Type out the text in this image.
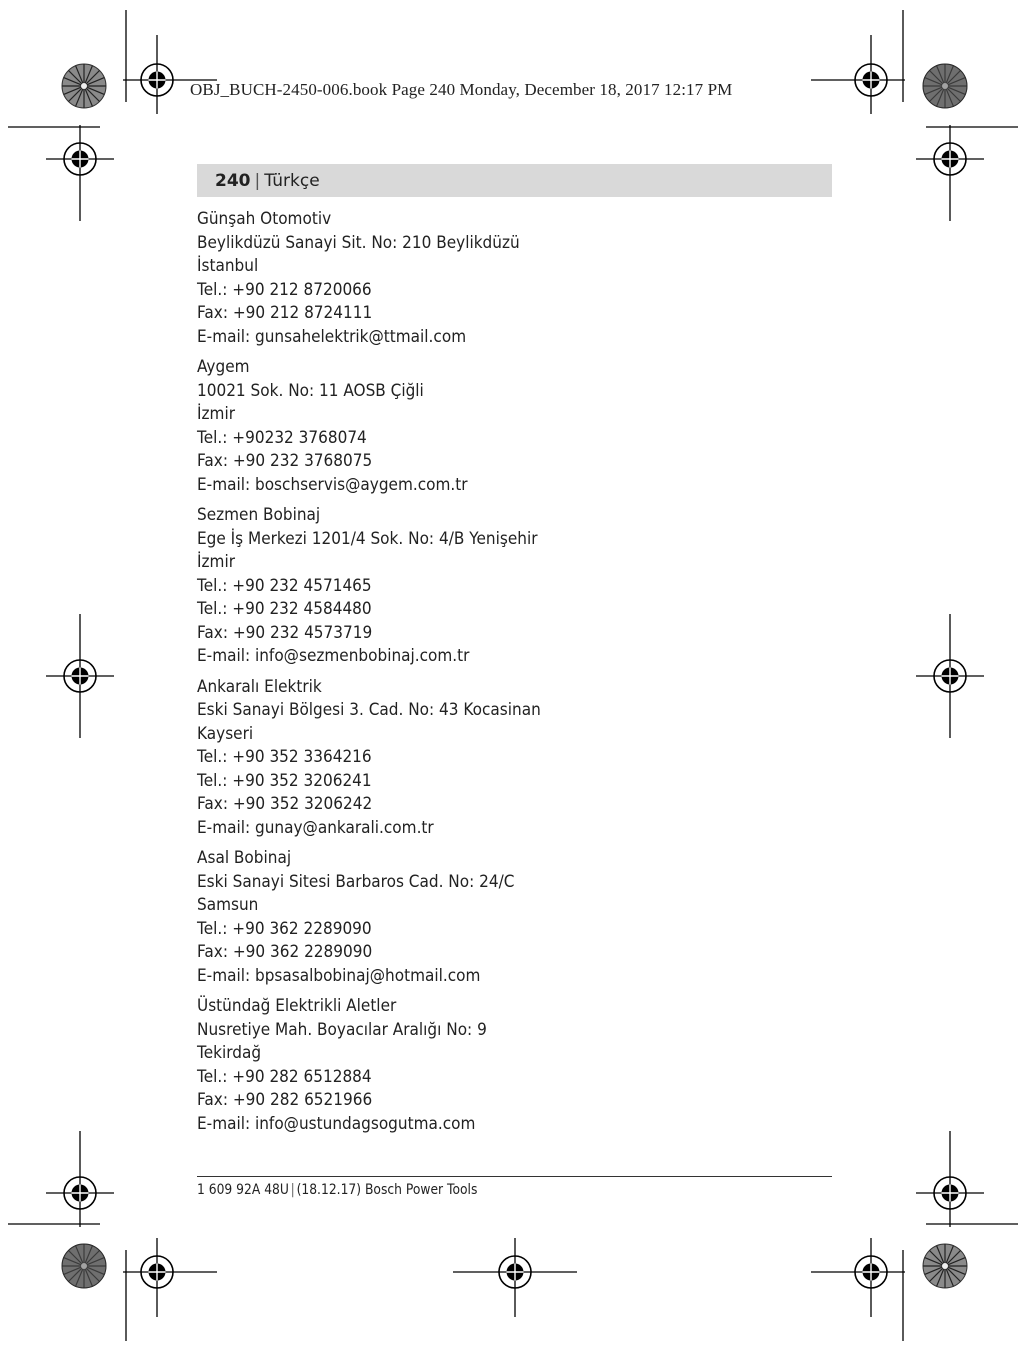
OBJ_BUCH-2450-006.book Page 240 Monday, December 18, 2017 12:17 PM
240 | Türkçe
Günşah Otomotiv
Beylikdüzü Sanayi Sit. No: 210 Beylikdüzü
İstanbul
Tel.: +90 212 8720066
Fax: +90 212 8724111
E-mail: gunsahelektrik@ttmail.com
Aygem
10021 Sok. No: 11 AOSB Çiğli
İzmir
Tel.: +90232 3768074
Fax: +90 232 3768075
E-mail: boschservis@aygem.com.tr
Sezmen Bobinaj
Ege İş Merkezi 1201/4 Sok. No: 4/B Yenişehir
İzmir
Tel.: +90 232 4571465
Tel.: +90 232 4584480
Fax: +90 232 4573719
E-mail: info@sezmenbobinaj.com.tr
Ankaralı Elektrik
Eski Sanayi Bölgesi 3. Cad. No: 43 Kocasinan
Kayseri
Tel.: +90 352 3364216
Tel.: +90 352 3206241
Fax: +90 352 3206242
E-mail: gunay@ankarali.com.tr
Asal Bobinaj
Eski Sanayi Sitesi Barbaros Cad. No: 24/C
Samsun
Tel.: +90 362 2289090
Fax: +90 362 2289090
E-mail: bpsasalbobinaj@hotmail.com
Üstündağ Elektrikli Aletler
Nusretiye Mah. Boyacılar Aralığı No: 9
Tekirdağ
Tel.: +90 282 6512884
Fax: +90 282 6521966
E-mail: info@ustundagsogutma.com
1 609 92A 48U | (18.12.17) Bosch Power Tools
